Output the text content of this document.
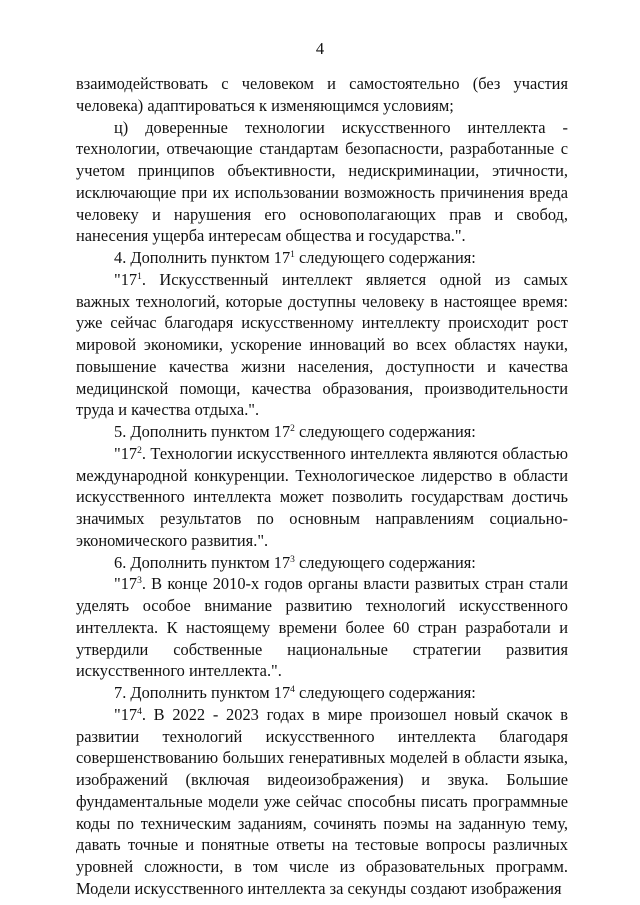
4

взаимодействовать с человеком и самостоятельно (без участия человека) адаптироваться к изменяющимся условиям;

ц) доверенные технологии искусственного интеллекта - технологии, отвечающие стандартам безопасности, разработанные с учетом принципов объективности, недискриминации, этичности, исключающие при их использовании возможность причинения вреда человеку и нарушения его основополагающих прав и свобод, нанесения ущерба интересам общества и государства.".

4. Дополнить пунктом $17^1$ следующего содержания:

"$17^1$. Искусственный интеллект является одной из самых важных технологий, которые доступны человеку в настоящее время: уже сейчас благодаря искусственному интеллекту происходит рост мировой экономики, ускорение инноваций во всех областях науки, повышение качества жизни населения, доступности и качества медицинской помощи, качества образования, производительности труда и качества отдыха.".

5. Дополнить пунктом $17^2$ следующего содержания:

"$17^2$. Технологии искусственного интеллекта являются областью международной конкуренции. Технологическое лидерство в области искусственного интеллекта может позволить государствам достичь значимых результатов по основным направлениям социально-экономического развития.".

6. Дополнить пунктом $17^3$ следующего содержания:

"$17^3$. В конце 2010-х годов органы власти развитых стран стали уделять особое внимание развитию технологий искусственного интеллекта. К настоящему времени более 60 стран разработали и утвердили собственные национальные стратегии развития искусственного интеллекта.".

7. Дополнить пунктом $17^4$ следующего содержания:

"$17^4$. В 2022 - 2023 годах в мире произошел новый скачок в развитии технологий искусственного интеллекта благодаря совершенствованию больших генеративных моделей в области языка, изображений (включая видеоизображения) и звука. Большие фундаментальные модели уже сейчас способны писать программные коды по техническим заданиям, сочинять поэмы на заданную тему, давать точные и понятные ответы на тестовые вопросы различных уровней сложности, в том числе из образовательных программ. Модели искусственного интеллекта за секунды создают изображения
